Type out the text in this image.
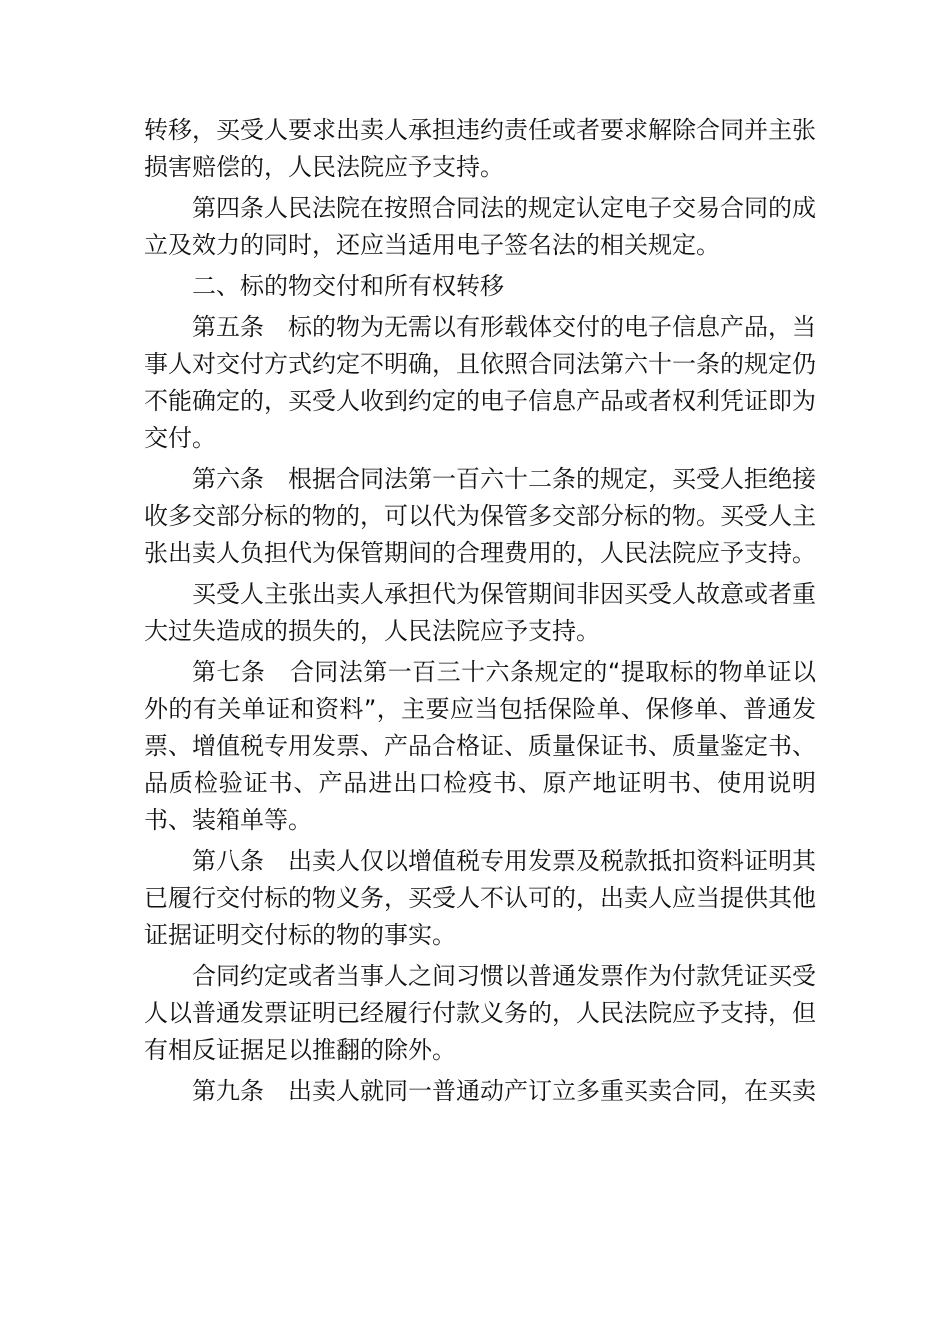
转移，买受人要求出卖人承担违约责任或者要求解除合同并主张损害赔偿的，人民法院应予支持。

第四条人民法院在按照合同法的规定认定电子交易合同的成立及效力的同时，还应当适用电子签名法的相关规定。

二、标的物交付和所有权转移

第五条　标的物为无需以有形载体交付的电子信息产品，当事人对交付方式约定不明确，且依照合同法第六十一条的规定仍不能确定的，买受人收到约定的电子信息产品或者权利凭证即为交付。

第六条　根据合同法第一百六十二条的规定，买受人拒绝接收多交部分标的物的，可以代为保管多交部分标的物。买受人主张出卖人负担代为保管期间的合理费用的，人民法院应予支持。

买受人主张出卖人承担代为保管期间非因买受人故意或者重大过失造成的损失的，人民法院应予支持。

第七条　合同法第一百三十六条规定的“提取标的物单证以外的有关单证和资料”，主要应当包括保险单、保修单、普通发票、增值税专用发票、产品合格证、质量保证书、质量鉴定书、品质检验证书、产品进出口检疫书、原产地证明书、使用说明书、装箱单等。

第八条　出卖人仅以增值税专用发票及税款抵扣资料证明其已履行交付标的物义务，买受人不认可的，出卖人应当提供其他证据证明交付标的物的事实。

合同约定或者当事人之间习惯以普通发票作为付款凭证买受人以普通发票证明已经履行付款义务的，人民法院应予支持，但有相反证据足以推翻的除外。

第九条　出卖人就同一普通动产订立多重买卖合同，在买卖
